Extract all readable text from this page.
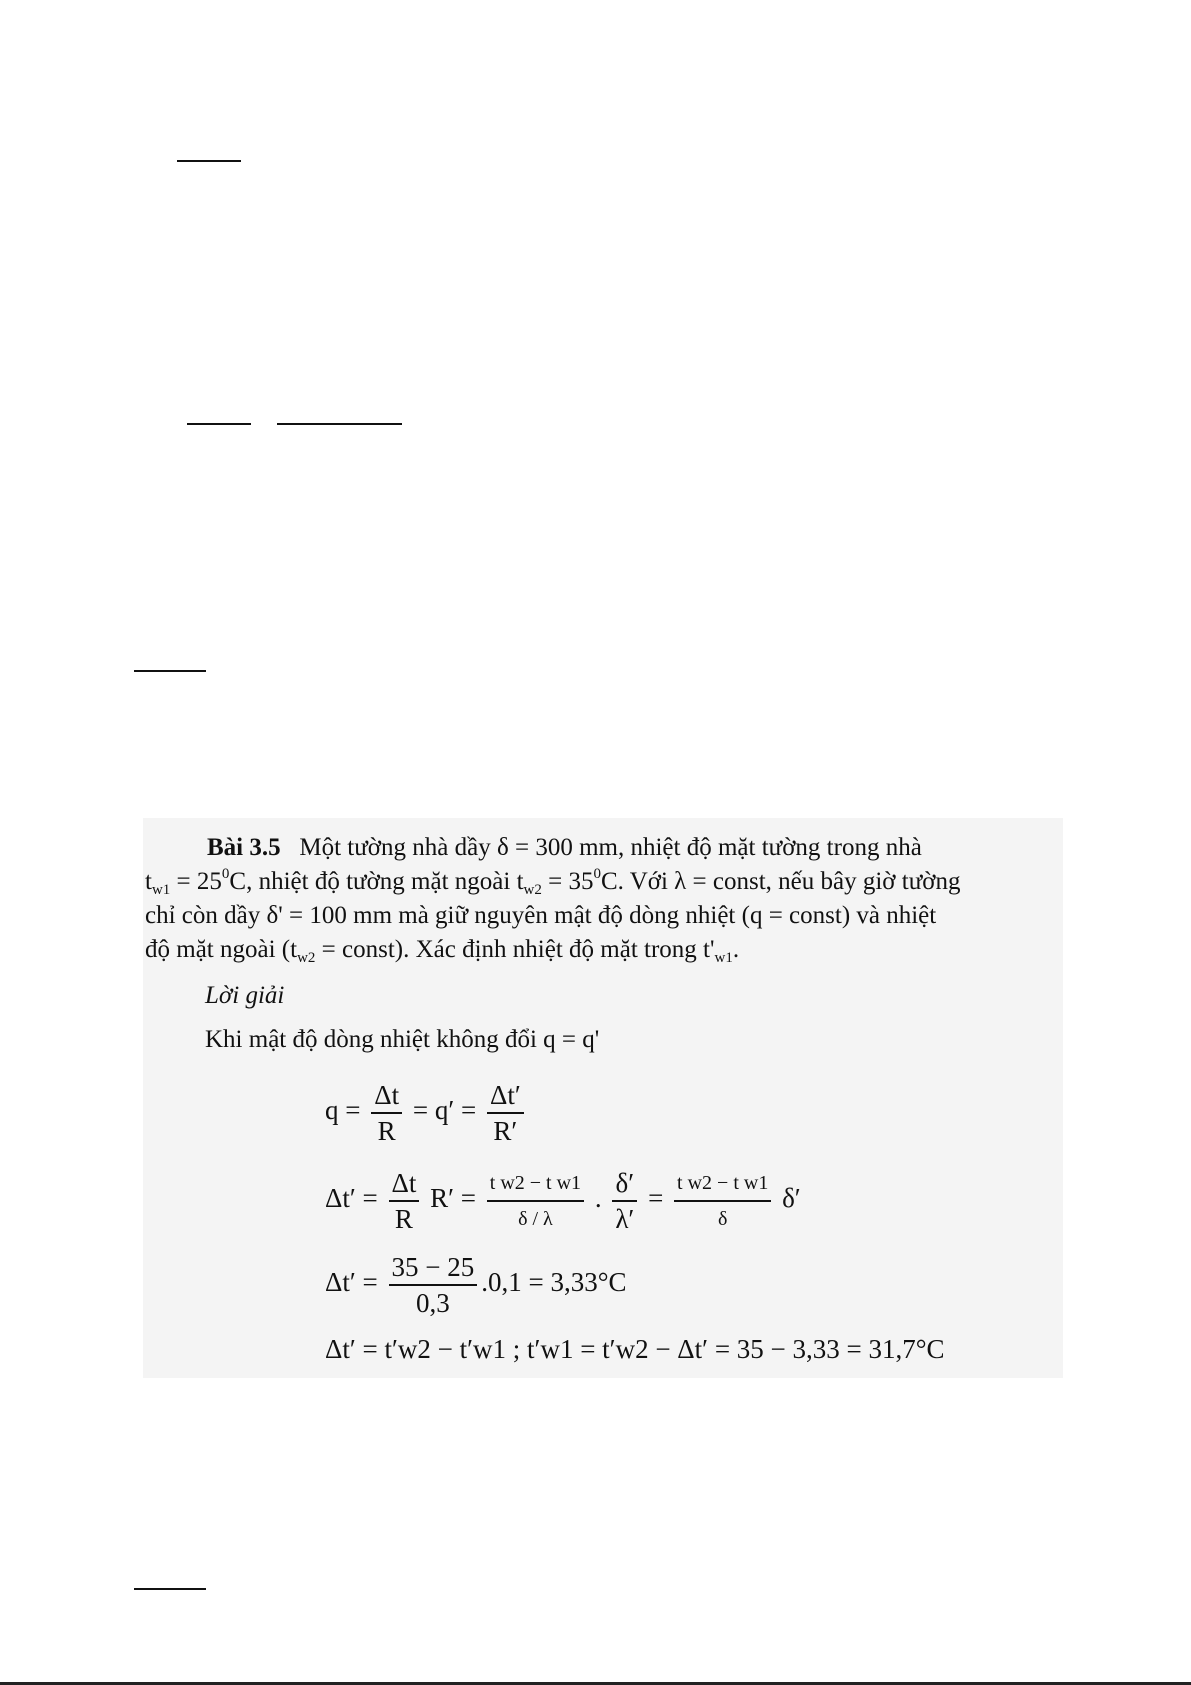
Bài 3.5 Một tường nhà dầy δ = 300 mm, nhiệt độ mặt tường trong nhà
$t_{w1} = 25^0C$, nhiệt độ tường mặt ngoài $t_{w2} = 35^0C$. Với λ = const, nếu bây giờ tường
chỉ còn dầy δ' = 100 mm mà giữ nguyên mật độ dòng nhiệt (q = const) và nhiệt
độ mặt ngoài ($t_{w2}$ = const). Xác định nhiệt độ mặt trong $t'_{w1}$.
Lời giải
Khi mật độ dòng nhiệt không đổi q = q'
$q = \frac{\Delta t}{R} = q' = \frac{\Delta t'}{R'}$
$\Delta t' = \frac{\Delta t}{R} R' = \frac{\text{t w2 − t w1}}{\delta / \lambda}$ . $\frac{\delta'}{\lambda'} = \frac{\text{t w2 − t w1}}{\delta} \delta'$
$\Delta t' = \frac{35 - 25}{0,3} .0,1 = 3,33^\circ C$
Δt′ = t′w2 − t′w1 ; t′w1 = t′w2 − Δt′ = 35 − 3,33 = 31,7°C
